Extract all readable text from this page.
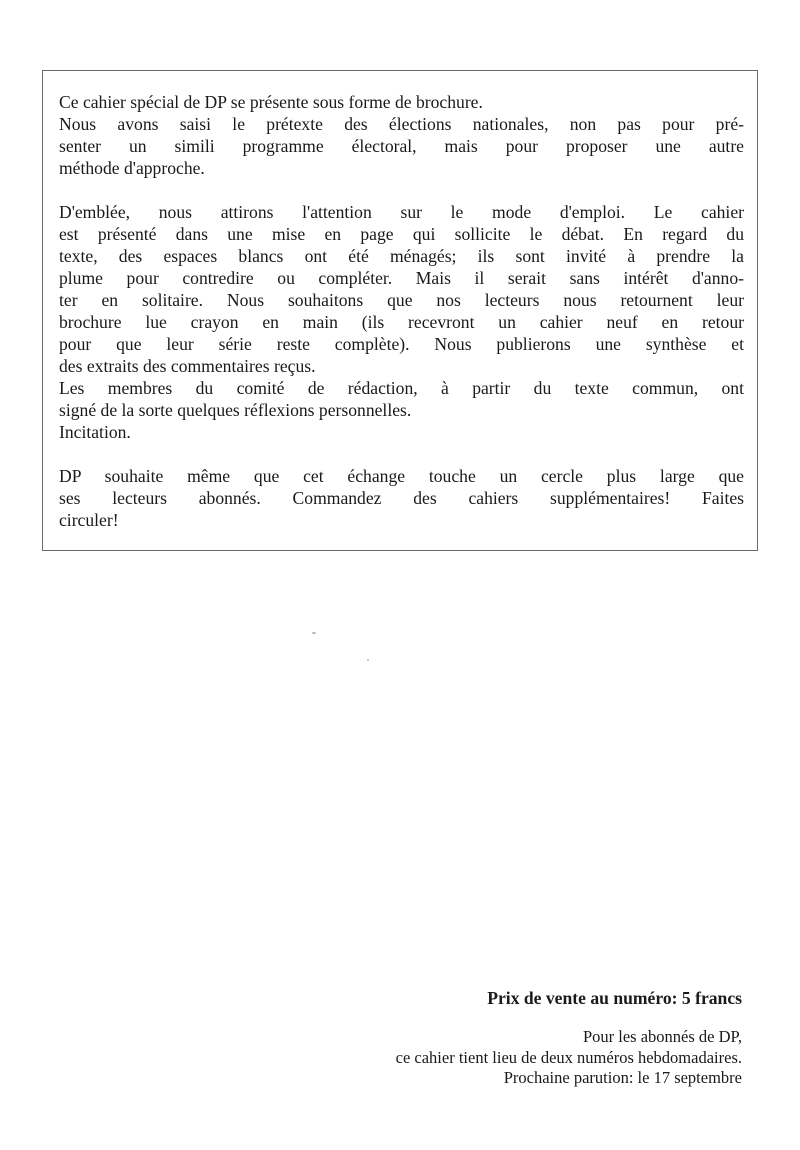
Ce cahier spécial de DP se présente sous forme de brochure.
Nous avons saisi le prétexte des élections nationales, non pas pour pré-
senter un simili programme électoral, mais pour proposer une autre
méthode d'approche.

D'emblée, nous attirons l'attention sur le mode d'emploi. Le cahier
est présenté dans une mise en page qui sollicite le débat. En regard du
texte, des espaces blancs ont été ménagés; ils sont invité à prendre la
plume pour contredire ou compléter. Mais il serait sans intérêt d'anno-
ter en solitaire. Nous souhaitons que nos lecteurs nous retournent leur
brochure lue crayon en main (ils recevront un cahier neuf en retour
pour que leur série reste complète). Nous publierons une synthèse et
des extraits des commentaires reçus.
Les membres du comité de rédaction, à partir du texte commun, ont
signé de la sorte quelques réflexions personnelles.
Incitation.

DP souhaite même que cet échange touche un cercle plus large que
ses lecteurs abonnés. Commandez des cahiers supplémentaires! Faites
circuler!

Prix de vente au numéro: 5 francs
Pour les abonnés de DP,
ce cahier tient lieu de deux numéros hebdomadaires.
Prochaine parution: le 17 septembre
